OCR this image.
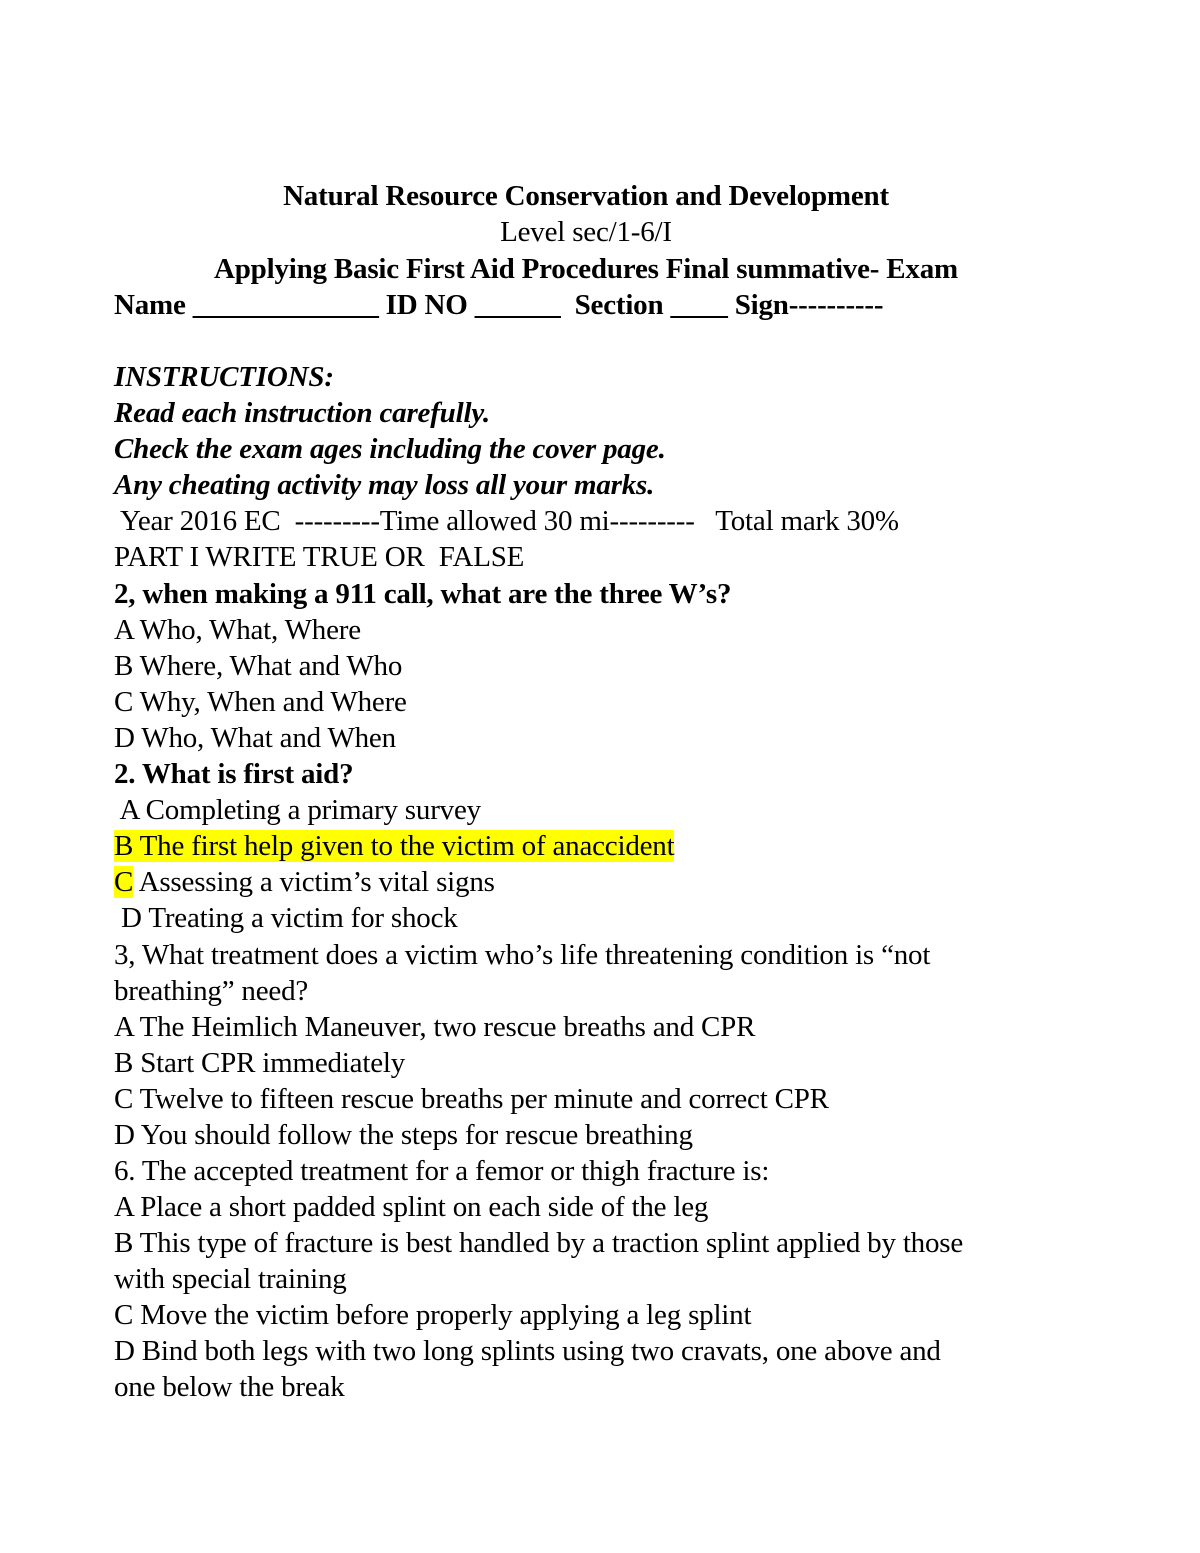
Natural Resource Conservation and Development
Level sec/1-6/I
Applying Basic First Aid Procedures Final summative- Exam
Name _____________ ID NO ______  Section ____ Sign----------
INSTRUCTIONS:
Read each instruction carefully.
Check the exam ages including the cover page.
Any cheating activity may loss all your marks.
Year 2016 EC  ---------Time allowed 30 mi---------   Total mark 30%
PART I WRITE TRUE OR  FALSE
2, when making a 911 call, what are the three W’s?
A Who, What, Where
B Where, What and Who
C Why, When and Where
D Who, What and When
2. What is first aid?
A Completing a primary survey
B The first help given to the victim of anaccident
C Assessing a victim’s vital signs
D Treating a victim for shock
3, What treatment does a victim who’s life threatening condition is “not
breathing” need?
A The Heimlich Maneuver, two rescue breaths and CPR
B Start CPR immediately
C Twelve to fifteen rescue breaths per minute and correct CPR
D You should follow the steps for rescue breathing
6. The accepted treatment for a femor or thigh fracture is:
A Place a short padded splint on each side of the leg
B This type of fracture is best handled by a traction splint applied by those
with special training
C Move the victim before properly applying a leg splint
D Bind both legs with two long splints using two cravats, one above and
one below the break
